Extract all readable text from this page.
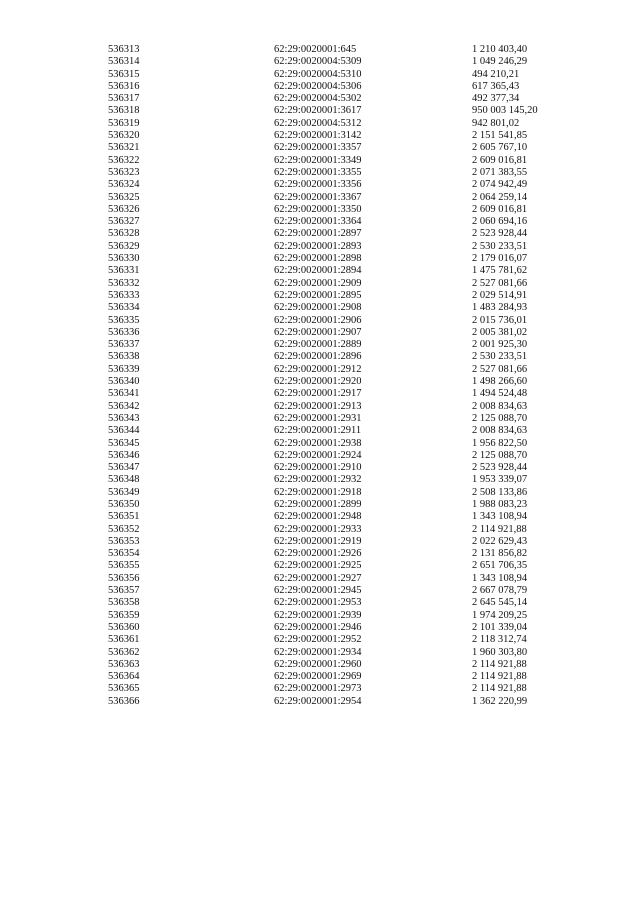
536313	62:29:0020001:645	1 210 403,40
536314	62:29:0020004:5309	1 049 246,29
536315	62:29:0020004:5310	494 210,21
536316	62:29:0020004:5306	617 365,43
536317	62:29:0020004:5302	492 377,34
536318	62:29:0020001:3617	950 003 145,20
536319	62:29:0020004:5312	942 801,02
536320	62:29:0020001:3142	2 151 541,85
536321	62:29:0020001:3357	2 605 767,10
536322	62:29:0020001:3349	2 609 016,81
536323	62:29:0020001:3355	2 071 383,55
536324	62:29:0020001:3356	2 074 942,49
536325	62:29:0020001:3367	2 064 259,14
536326	62:29:0020001:3350	2 609 016,81
536327	62:29:0020001:3364	2 060 694,16
536328	62:29:0020001:2897	2 523 928,44
536329	62:29:0020001:2893	2 530 233,51
536330	62:29:0020001:2898	2 179 016,07
536331	62:29:0020001:2894	1 475 781,62
536332	62:29:0020001:2909	2 527 081,66
536333	62:29:0020001:2895	2 029 514,91
536334	62:29:0020001:2908	1 483 284,93
536335	62:29:0020001:2906	2 015 736,01
536336	62:29:0020001:2907	2 005 381,02
536337	62:29:0020001:2889	2 001 925,30
536338	62:29:0020001:2896	2 530 233,51
536339	62:29:0020001:2912	2 527 081,66
536340	62:29:0020001:2920	1 498 266,60
536341	62:29:0020001:2917	1 494 524,48
536342	62:29:0020001:2913	2 008 834,63
536343	62:29:0020001:2931	2 125 088,70
536344	62:29:0020001:2911	2 008 834,63
536345	62:29:0020001:2938	1 956 822,50
536346	62:29:0020001:2924	2 125 088,70
536347	62:29:0020001:2910	2 523 928,44
536348	62:29:0020001:2932	1 953 339,07
536349	62:29:0020001:2918	2 508 133,86
536350	62:29:0020001:2899	1 988 083,23
536351	62:29:0020001:2948	1 343 108,94
536352	62:29:0020001:2933	2 114 921,88
536353	62:29:0020001:2919	2 022 629,43
536354	62:29:0020001:2926	2 131 856,82
536355	62:29:0020001:2925	2 651 706,35
536356	62:29:0020001:2927	1 343 108,94
536357	62:29:0020001:2945	2 667 078,79
536358	62:29:0020001:2953	2 645 545,14
536359	62:29:0020001:2939	1 974 209,25
536360	62:29:0020001:2946	2 101 339,04
536361	62:29:0020001:2952	2 118 312,74
536362	62:29:0020001:2934	1 960 303,80
536363	62:29:0020001:2960	2 114 921,88
536364	62:29:0020001:2969	2 114 921,88
536365	62:29:0020001:2973	2 114 921,88
536366	62:29:0020001:2954	1 362 220,99
